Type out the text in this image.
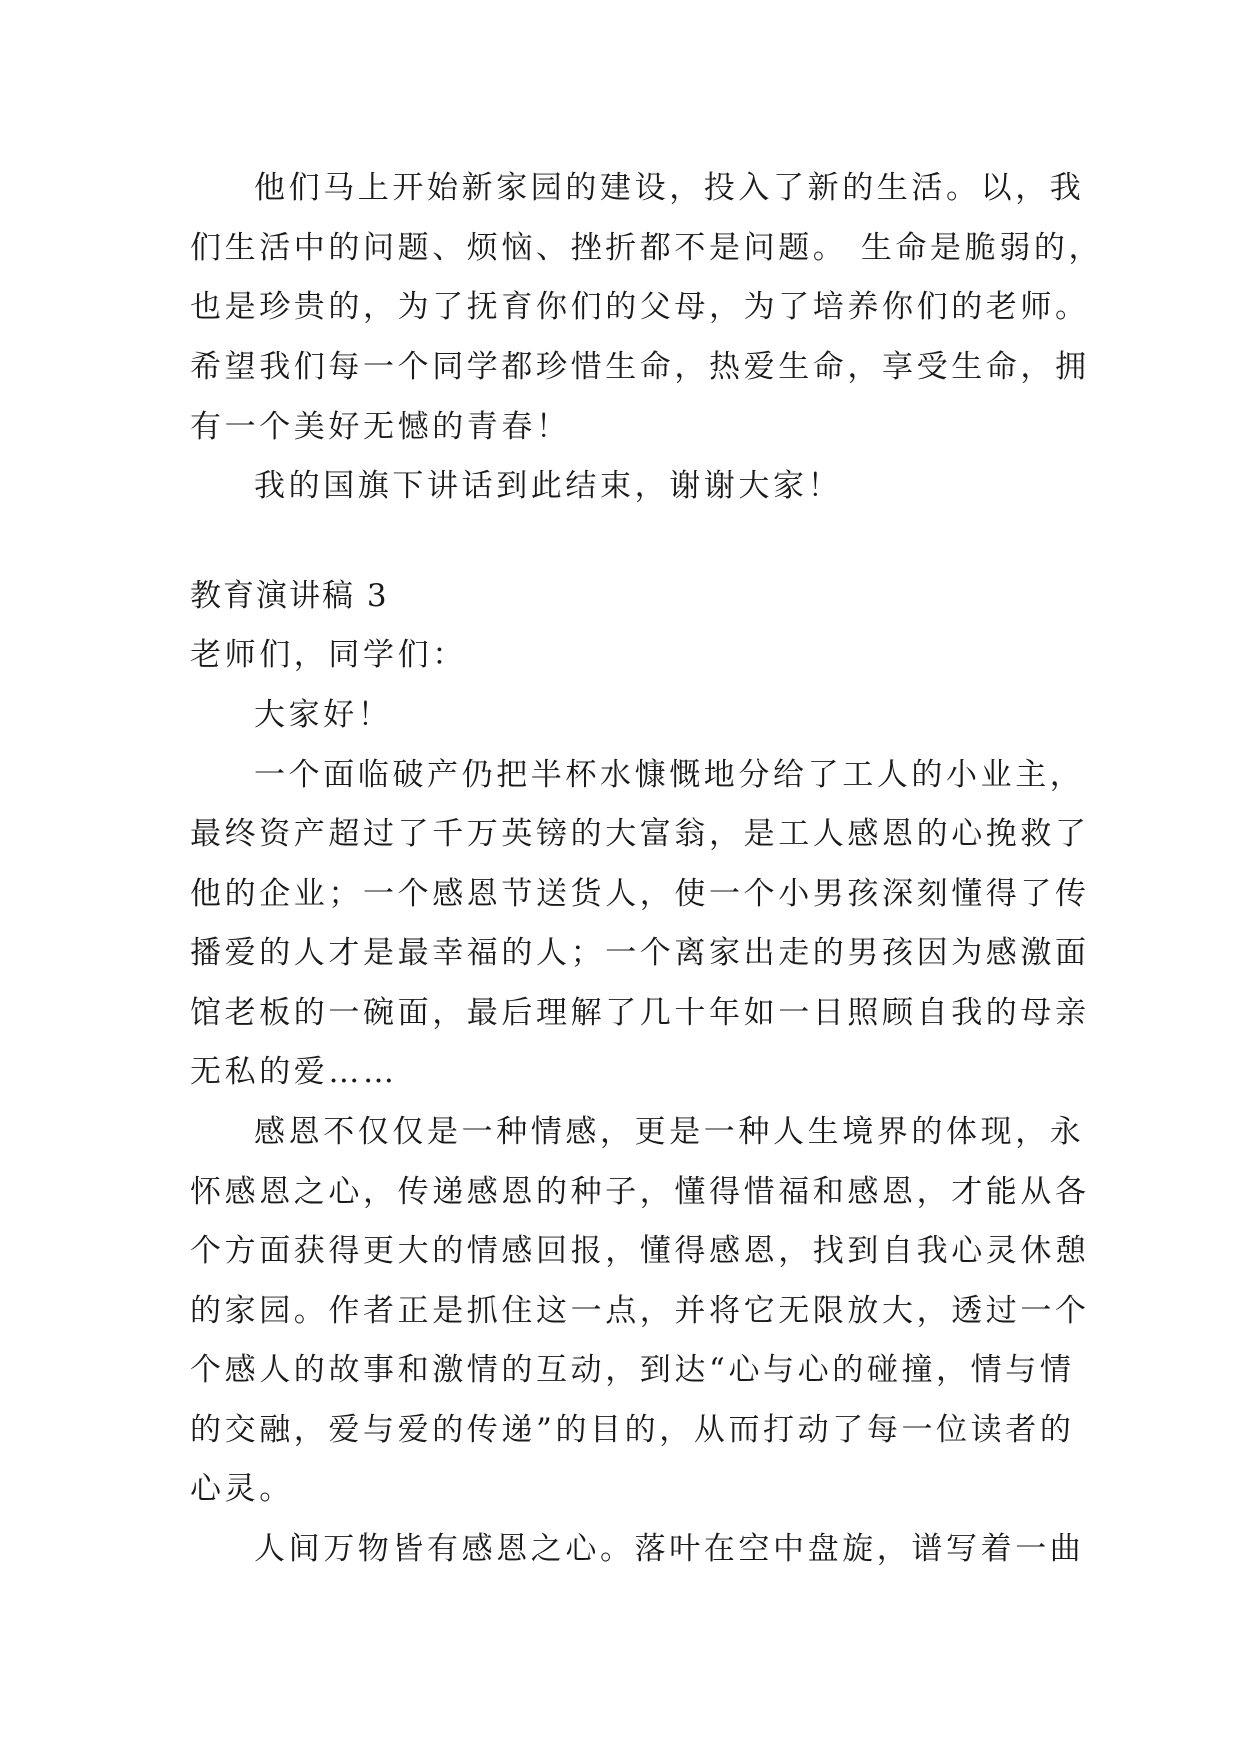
他们马上开始新家园的建设，投入了新的生活。以，我
们生活中的问题、烦恼、挫折都不是问题。 生命是脆弱的，
也是珍贵的，为了抚育你们的父母，为了培养你们的老师。
希望我们每一个同学都珍惜生命，热爱生命，享受生命，拥
有一个美好无憾的青春！
我的国旗下讲话到此结束，谢谢大家！
教育演讲稿 3
老师们，同学们：
大家好！
一个面临破产仍把半杯水慷慨地分给了工人的小业主，
最终资产超过了千万英镑的大富翁，是工人感恩的心挽救了
他的企业；一个感恩节送货人，使一个小男孩深刻懂得了传
播爱的人才是最幸福的人；一个离家出走的男孩因为感激面
馆老板的一碗面，最后理解了几十年如一日照顾自我的母亲
无私的爱……
感恩不仅仅是一种情感，更是一种人生境界的体现，永
怀感恩之心，传递感恩的种子，懂得惜福和感恩，才能从各
个方面获得更大的情感回报，懂得感恩，找到自我心灵休憩
的家园。作者正是抓住这一点，并将它无限放大，透过一个
个感人的故事和激情的互动，到达“心与心的碰撞，情与情
的交融，爱与爱的传递”的目的，从而打动了每一位读者的
心灵。
人间万物皆有感恩之心。落叶在空中盘旋，谱写着一曲
